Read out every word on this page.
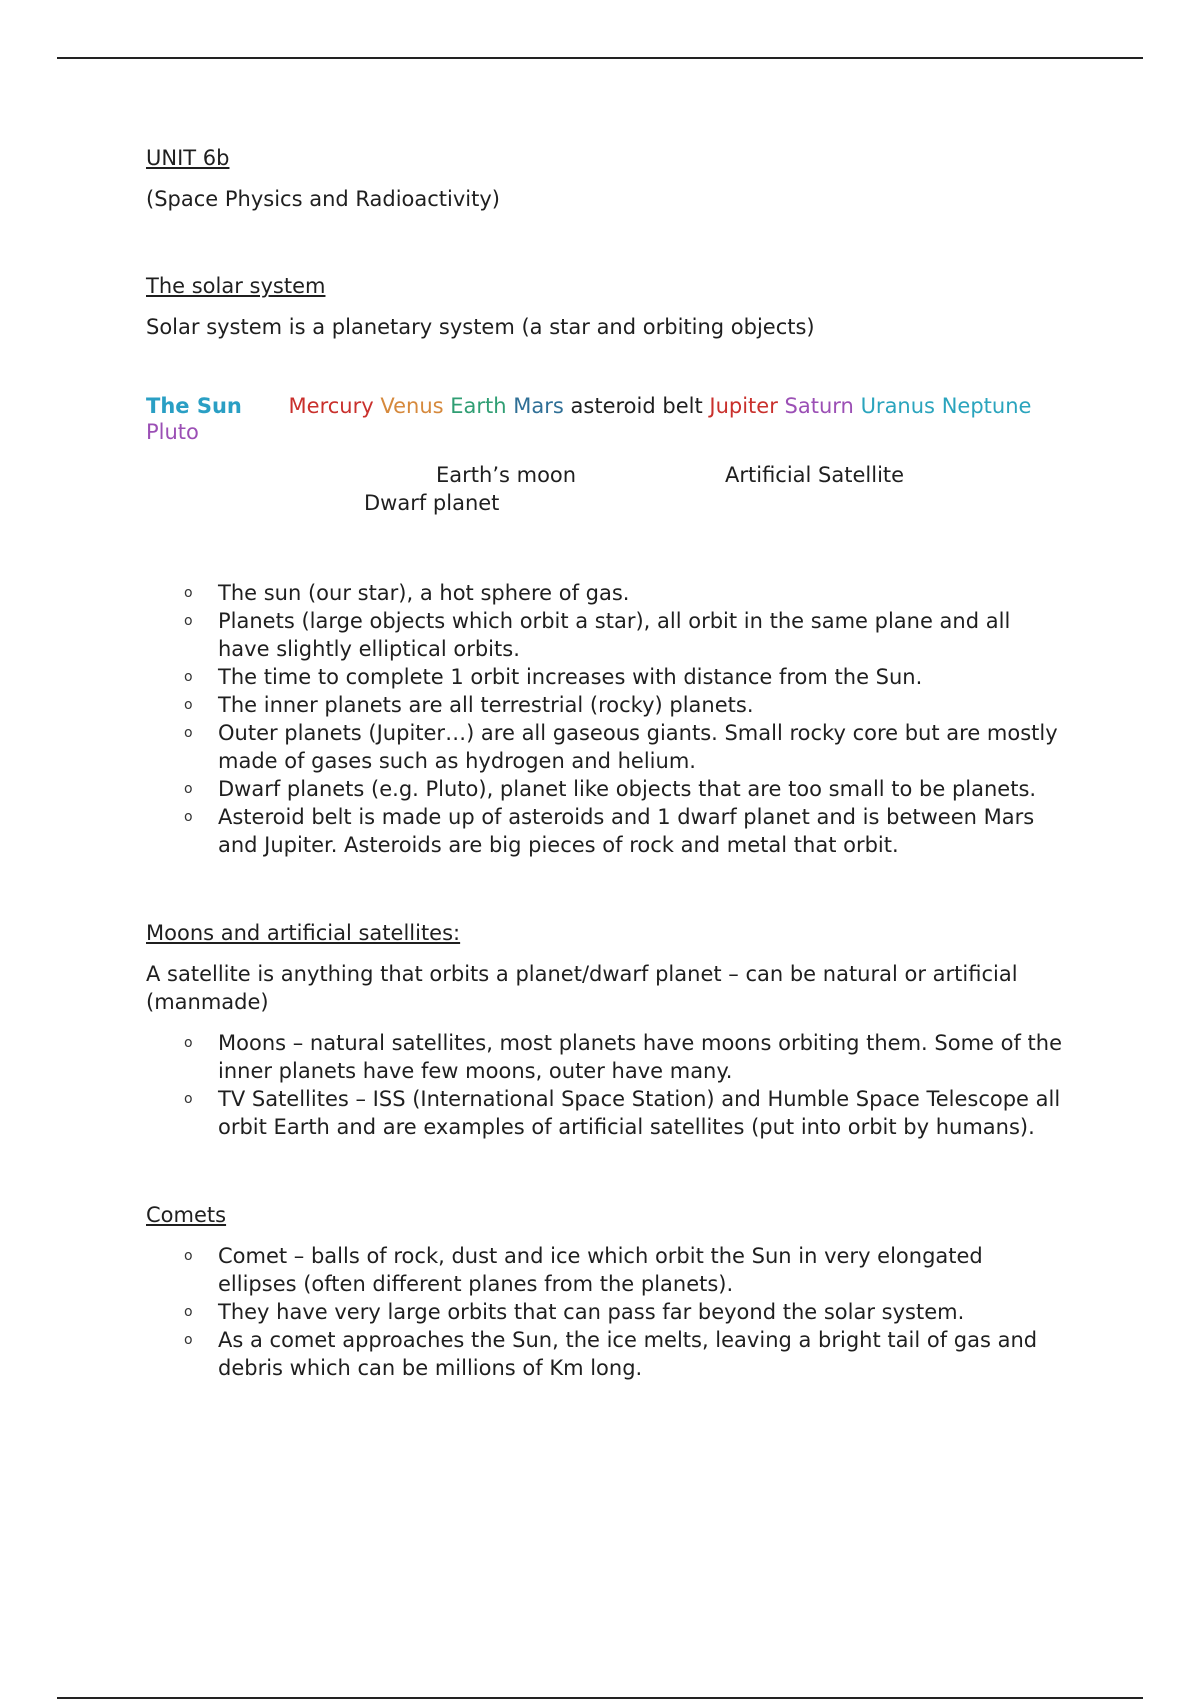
UNIT 6b

(Space Physics and Radioactivity)

The solar system

Solar system is a planetary system (a star and orbiting objects)

The Sun Mercury Venus Earth Mars asteroid belt Jupiter Saturn Uranus Neptune Pluto
Earth’s moon	Artificial Satellite
Dwarf planet
o The sun (our star), a hot sphere of gas.
o Planets (large objects which orbit a star), all orbit in the same plane and all have slightly elliptical orbits.
o The time to complete 1 orbit increases with distance from the Sun.
o The inner planets are all terrestrial (rocky) planets.
o Outer planets (Jupiter…) are all gaseous giants. Small rocky core but are mostly made of gases such as hydrogen and helium.
o Dwarf planets (e.g. Pluto), planet like objects that are too small to be planets.
o Asteroid belt is made up of asteroids and 1 dwarf planet and is between Mars and Jupiter. Asteroids are big pieces of rock and metal that orbit.

Moons and artificial satellites:

A satellite is anything that orbits a planet/dwarf planet – can be natural or artificial (manmade)

o Moons – natural satellites, most planets have moons orbiting them. Some of the inner planets have few moons, outer have many.
o TV Satellites – ISS (International Space Station) and Humble Space Telescope all orbit Earth and are examples of artificial satellites (put into orbit by humans).

Comets

o Comet – balls of rock, dust and ice which orbit the Sun in very elongated ellipses (often different planes from the planets).
o They have very large orbits that can pass far beyond the solar system.
o As a comet approaches the Sun, the ice melts, leaving a bright tail of gas and debris which can be millions of Km long.
